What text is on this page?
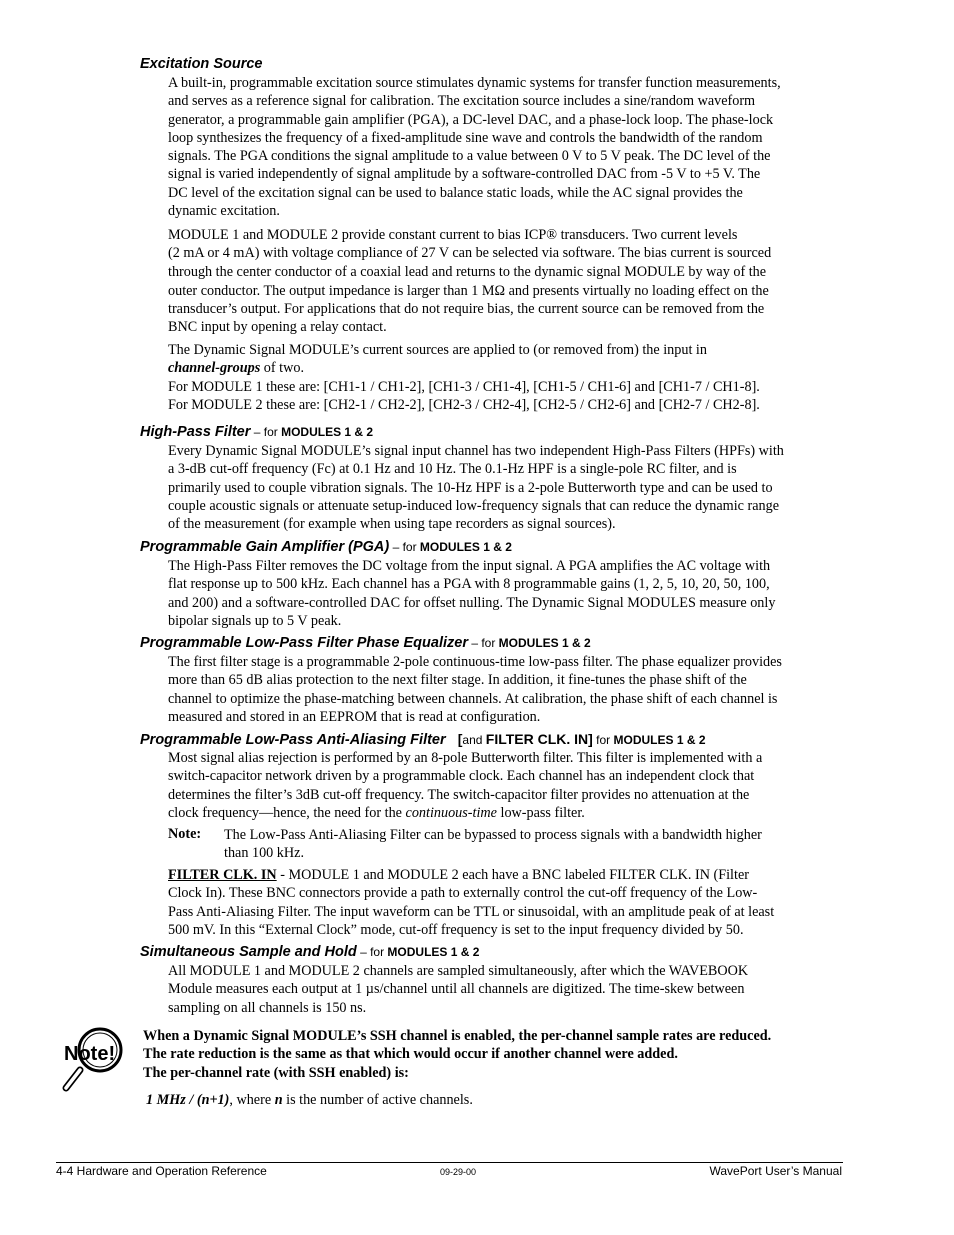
Excitation Source
A built-in, programmable excitation source stimulates dynamic systems for transfer function measurements,
and serves as a reference signal for calibration. The excitation source includes a sine/random waveform
generator, a programmable gain amplifier (PGA), a DC-level DAC, and a phase-lock loop. The phase-lock
loop synthesizes the frequency of a fixed-amplitude sine wave and controls the bandwidth of the random
signals. The PGA conditions the signal amplitude to a value between 0 V to 5 V peak. The DC level of the
signal is varied independently of signal amplitude by a software-controlled DAC from -5 V to +5 V. The
DC level of the excitation signal can be used to balance static loads, while the AC signal provides the
dynamic excitation.
MODULE 1 and MODULE 2 provide constant current to bias ICP® transducers. Two current levels
(2 mA or 4 mA) with voltage compliance of 27 V can be selected via software. The bias current is sourced
through the center conductor of a coaxial lead and returns to the dynamic signal MODULE by way of the
outer conductor. The output impedance is larger than 1 MΩ and presents virtually no loading effect on the
transducer’s output. For applications that do not require bias, the current source can be removed from the
BNC input by opening a relay contact.
The Dynamic Signal MODULE’s current sources are applied to (or removed from) the input in
channel-groups of two.
For MODULE 1 these are: [CH1-1 / CH1-2], [CH1-3 / CH1-4], [CH1-5 / CH1-6] and [CH1-7 / CH1-8].
For MODULE 2 these are: [CH2-1 / CH2-2], [CH2-3 / CH2-4], [CH2-5 / CH2-6] and [CH2-7 / CH2-8].
High-Pass Filter – for MODULES 1 & 2
Every Dynamic Signal MODULE’s signal input channel has two independent High-Pass Filters (HPFs) with
a 3-dB cut-off frequency (Fc) at 0.1 Hz and 10 Hz. The 0.1-Hz HPF is a single-pole RC filter, and is
primarily used to couple vibration signals. The 10-Hz HPF is a 2-pole Butterworth type and can be used to
couple acoustic signals or attenuate setup-induced low-frequency signals that can reduce the dynamic range
of the measurement (for example when using tape recorders as signal sources).
Programmable Gain Amplifier (PGA) – for MODULES 1 & 2
The High-Pass Filter removes the DC voltage from the input signal. A PGA amplifies the AC voltage with
flat response up to 500 kHz. Each channel has a PGA with 8 programmable gains (1, 2, 5, 10, 20, 50, 100,
and 200) and a software-controlled DAC for offset nulling. The Dynamic Signal MODULES measure only
bipolar signals up to 5 V peak.
Programmable Low-Pass Filter Phase Equalizer – for MODULES 1 & 2
The first filter stage is a programmable 2-pole continuous-time low-pass filter. The phase equalizer provides
more than 65 dB alias protection to the next filter stage. In addition, it fine-tunes the phase shift of the
channel to optimize the phase-matching between channels. At calibration, the phase shift of each channel is
measured and stored in an EEPROM that is read at configuration.
Programmable Low-Pass Anti-Aliasing Filter [and FILTER CLK. IN] for MODULES 1 & 2
Most signal alias rejection is performed by an 8-pole Butterworth filter. This filter is implemented with a
switch-capacitor network driven by a programmable clock. Each channel has an independent clock that
determines the filter’s 3dB cut-off frequency. The switch-capacitor filter provides no attenuation at the
clock frequency—hence, the need for the continuous-time low-pass filter.
Note: The Low-Pass Anti-Aliasing Filter can be bypassed to process signals with a bandwidth higher
than 100 kHz.
FILTER CLK. IN - MODULE 1 and MODULE 2 each have a BNC labeled FILTER CLK. IN (Filter
Clock In). These BNC connectors provide a path to externally control the cut-off frequency of the Low-
Pass Anti-Aliasing Filter. The input waveform can be TTL or sinusoidal, with an amplitude peak of at least
500 mV. In this “External Clock” mode, cut-off frequency is set to the input frequency divided by 50.
Simultaneous Sample and Hold – for MODULES 1 & 2
All MODULE 1 and MODULE 2 channels are sampled simultaneously, after which the WAVEBOOK
Module measures each output at 1 µs/channel until all channels are digitized. The time-skew between
sampling on all channels is 150 ns.
Note!
When a Dynamic Signal MODULE’s SSH channel is enabled, the per-channel sample rates are reduced.
The rate reduction is the same as that which would occur if another channel were added.
The per-channel rate (with SSH enabled) is:
1 MHz / (n+1), where n is the number of active channels.
4-4 Hardware and Operation Reference	09-29-00	WavePort User’s Manual
